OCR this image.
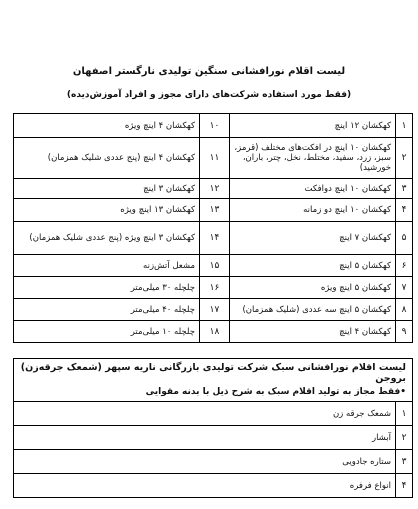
لیست اقلام نورافشانی سنگین تولیدی نارگستر اصفهان
(فقط مورد استفاده شرکت‌های دارای مجوز و افراد آموزش‌دیده)
۱	کهکشان ۱۲ اینچ	۱۰	کهکشان ۴ اینچ ویژه
۲	کهکشان ۱۰ اینچ در افکت‌های مختلف (قرمز، سبز، زرد، سفید، مختلط، نخل، چتر، باران، خورشید)	۱۱	کهکشان ۴ اینچ (پنج عددی شلیک همزمان)
۳	کهکشان ۱۰ اینچ دوافکت	۱۲	کهکشان ۳ اینچ
۴	کهکشان ۱۰ اینچ دو زمانه	۱۳	کهکشان ۱۳ اینچ ویژه
۵	کهکشان ۷ اینچ	۱۴	کهکشان ۳ اینچ ویژه (پنج عددی شلیک همزمان)
۶	کهکشان ۵ اینچ	۱۵	مشعل آتش‌زنه
۷	کهکشان ۵ اینچ ویژه	۱۶	چلچله ۳۰ میلی‌متر
۸	کهکشان ۵ اینچ سه عددی (شلیک همزمان)	۱۷	چلچله ۴۰ میلی‌متر
۹	کهکشان ۴ اینچ	۱۸	چلچله ۱۰ میلی‌متر
لیست اقلام نورافشانی سبک شرکت تولیدی بازرگانی ناریه سپهر (شمعک جرقه‌زن) بروجن
•فقط مجاز به تولید اقلام سبک به شرح ذیل با بدنه مقوایی	

۱	شمعک جرقه زن
۲	آبشار
۳	ستاره جادویی
۴	انواع فرفره
